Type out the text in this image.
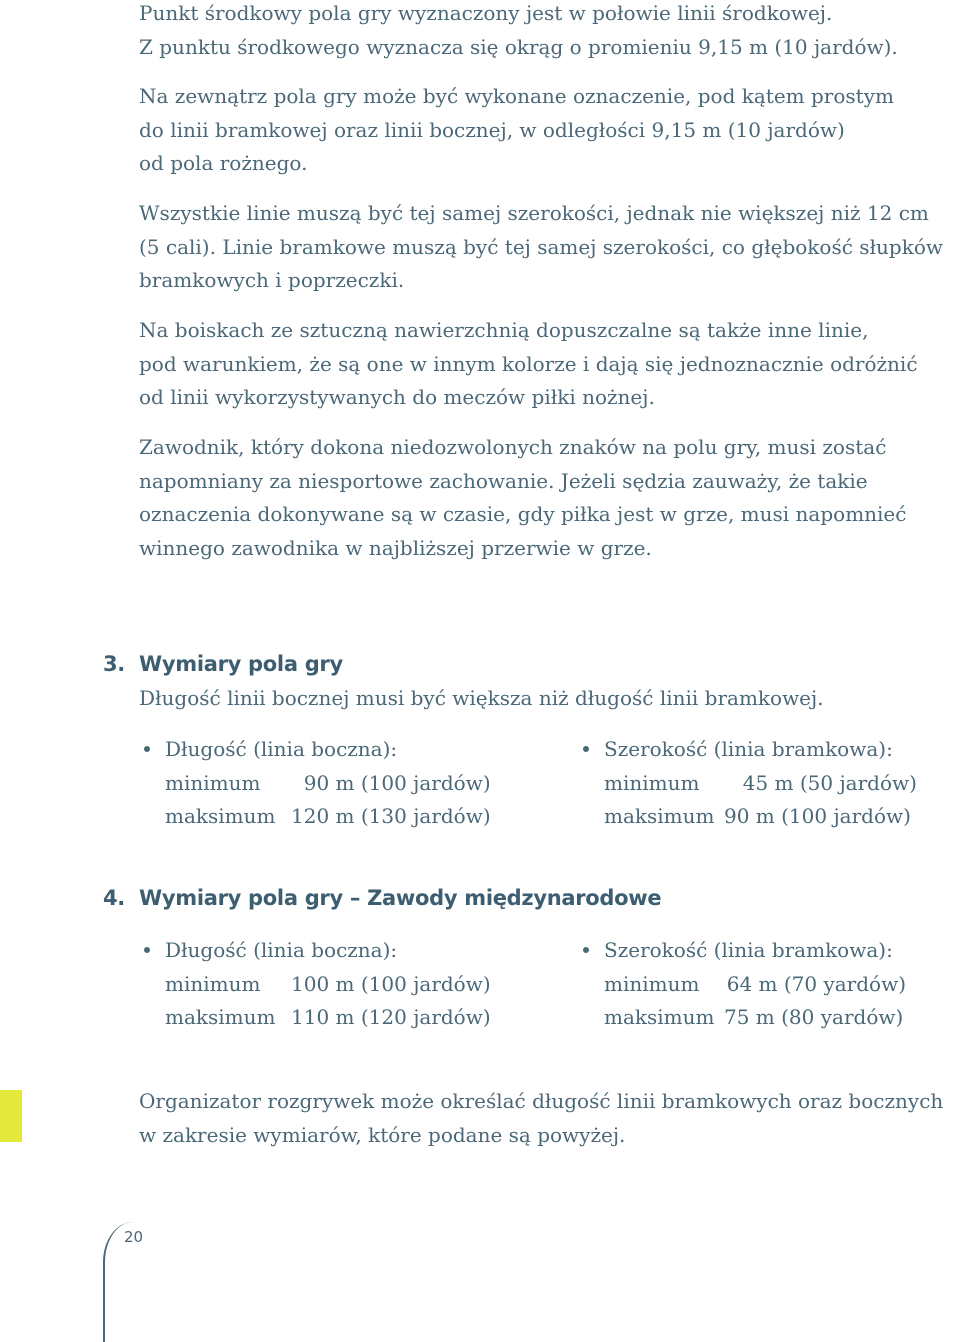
Punkt środkowy pola gry wyznaczony jest w połowie linii środkowej.
Z punktu środkowego wyznacza się okrąg o promieniu 9,15 m (10 jardów).

Na zewnątrz pola gry może być wykonane oznaczenie, pod kątem prostym
do linii bramkowej oraz linii bocznej, w odległości 9,15 m (10 jardów)
od pola rożnego.

Wszystkie linie muszą być tej samej szerokości, jednak nie większej niż 12 cm
(5 cali). Linie bramkowe muszą być tej samej szerokości, co głębokość słupków
bramkowych i poprzeczki.

Na boiskach ze sztuczną nawierzchnią dopuszczalne są także inne linie,
pod warunkiem, że są one w innym kolorze i dają się jednoznacznie odróżnić
od linii wykorzystywanych do meczów piłki nożnej.

Zawodnik, który dokona niedozwolonych znaków na polu gry, musi zostać
napomniany za niesportowe zachowanie. Jeżeli sędzia zauważy, że takie
oznaczenia dokonywane są w czasie, gdy piłka jest w grze, musi napomnieć
winnego zawodnika w najbliższej przerwie w grze.

3. Wymiary pola gry

Długość linii bocznej musi być większa niż długość linii bramkowej.

Długość (linia boczna):
minimum	90 m (100 jardów)
maksimum 120 m (130 jardów)
Szerokość (linia bramkowa):
minimum	45 m (50 jardów)
maksimum 90 m (100 jardów)
4. Wymiary pola gry – Zawody międzynarodowe
Długość (linia boczna):
minimum	100 m (100 jardów)
maksimum 110 m (120 jardów)
Szerokość (linia bramkowa):
minimum 64 m (70 yardów)
maksimum 75 m (80 yardów)

Organizator rozgrywek może określać długość linii bramkowych oraz bocznych
w zakresie wymiarów, które podane są powyżej.

20
